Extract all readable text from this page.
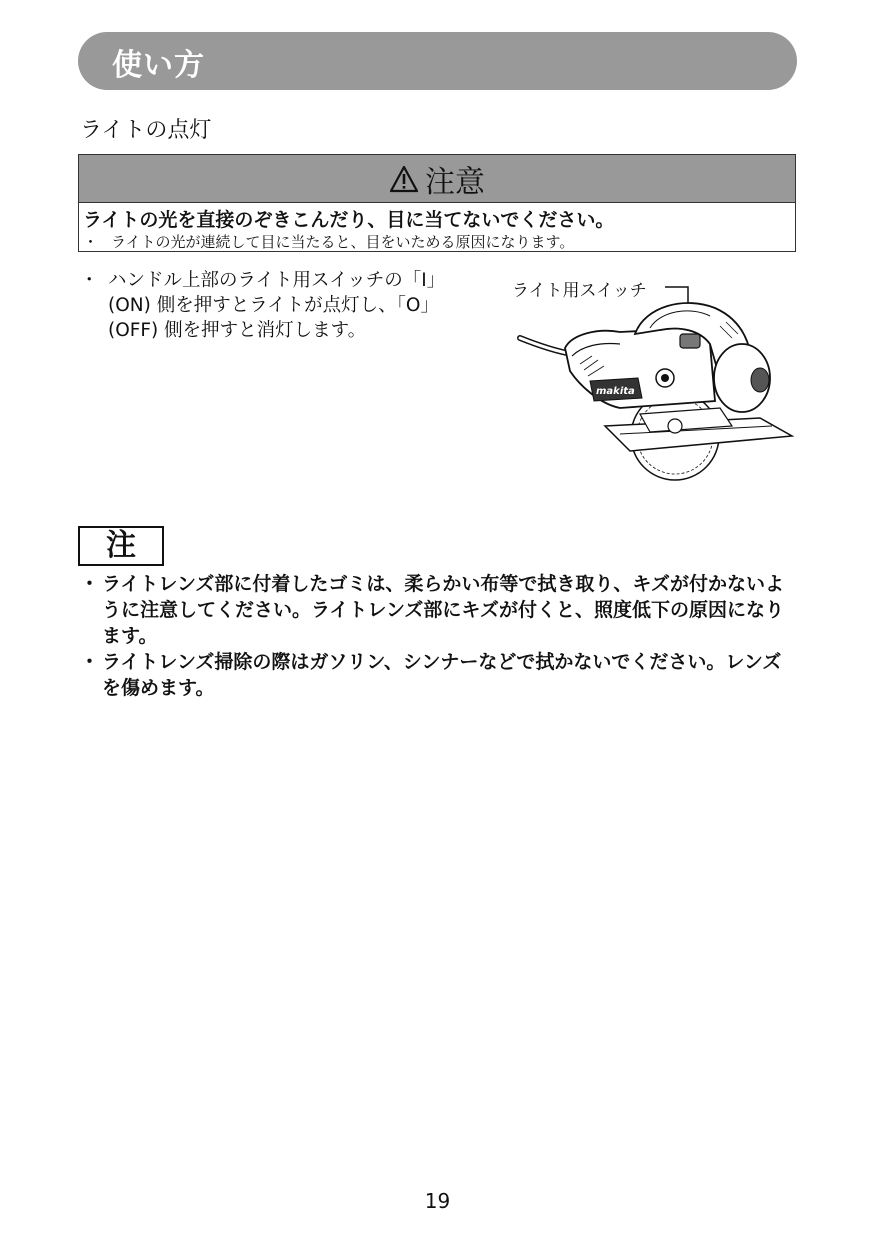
使い方
ライトの点灯
注意
ライトの光を直接のぞきこんだり、目に当てないでください。
・ ライトの光が連続して目に当たると、目をいためる原因になります。
・ ハンドル上部のライト用スイッチの「I」
(ON) 側を押すとライトが点灯し、「O」
(OFF) 側を押すと消灯します。
ライト用スイッチ
makita
注

・ ライトレンズ部に付着したゴミは、柔らかい布等で拭き取り、キズが付かないように注意してください。ライトレンズ部にキズが付くと、照度低下の原因になります。

・ ライトレンズ掃除の際はガソリン、シンナーなどで拭かないでください。レンズを傷めます。

19
